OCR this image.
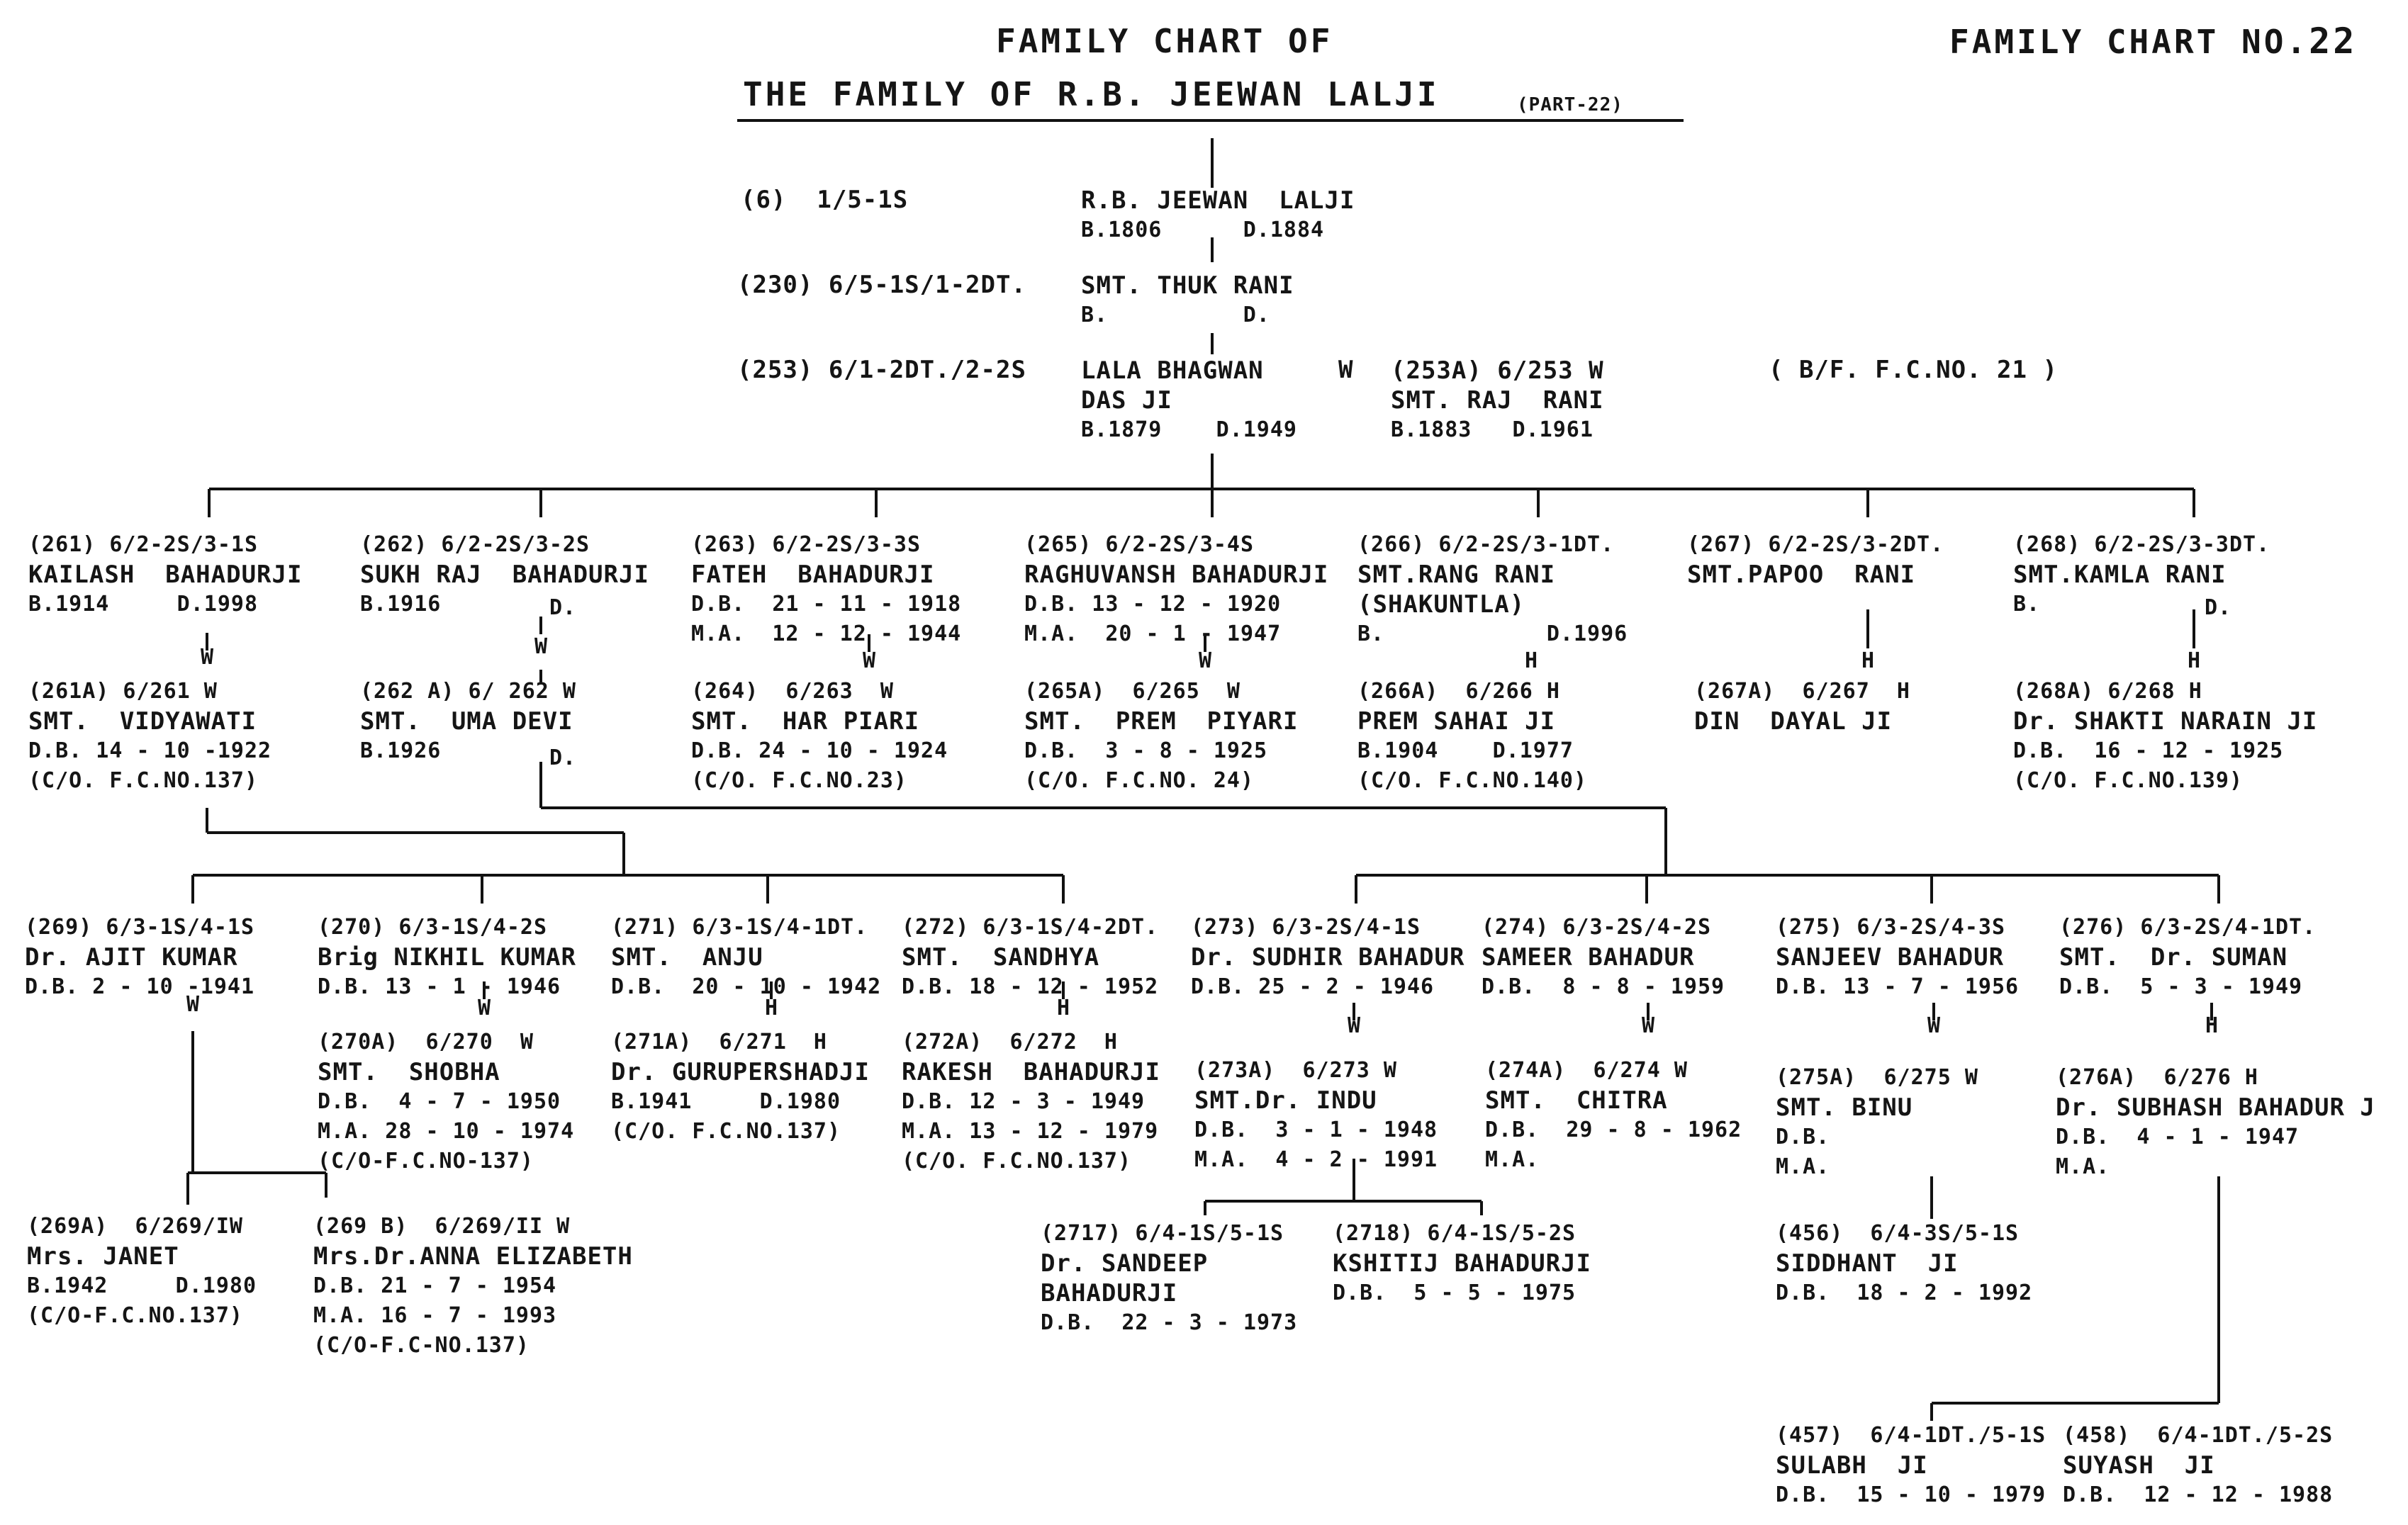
FAMILY CHART OF
THE FAMILY OF R.B. JEEWAN LALJI	(PART-22)
FAMILY CHART NO.22
(6)  1/5-1S	R.B. JEEWAN  LALJI
B.1806      D.1884
(230) 6/5-1S/1-2DT. SMT. THUK RANI
B.          D.
(253) 6/1-2DT./2-2S LALA BHAGWAN
DAS JI
B.1879    D.1949
W (253A) 6/253 W
SMT. RAJ  RANI
B.1883   D.1961
( B/F. F.C.NO. 21 )
(261) 6/2-2S/3-1S
KAILASH  BAHADURJI
B.1914     D.1998
W
(261A) 6/261 W
SMT.  VIDYAWATI
D.B. 14 - 10 -1922
(C/O. F.C.NO.137)
(262) 6/2-2S/3-2S
SUKH RAJ  BAHADURJI
B.1916	D.
W
(262 A) 6/ 262 W
SMT.  UMA DEVI
B.1926	D.
(263) 6/2-2S/3-3S
FATEH  BAHADURJI
D.B.  21 - 11 - 1918
M.A.  12 - 12 - 1944
W
(264)  6/263  W
SMT.  HAR PIARI
D.B. 24 - 10 - 1924
(C/O. F.C.NO.23)
(265) 6/2-2S/3-4S
RAGHUVANSH BAHADURJI
D.B. 13 - 12 - 1920
M.A.  20 - 1 - 1947
W
(265A)  6/265  W
SMT.  PREM  PIYARI
D.B.  3 - 8 - 1925
(C/O. F.C.NO. 24)
(266) 6/2-2S/3-1DT.
SMT.RANG RANI
(SHAKUNTLA)
B.            D.1996
H
(266A)  6/266 H
PREM SAHAI JI
B.1904    D.1977
(C/O. F.C.NO.140)
(267) 6/2-2S/3-2DT.
SMT.PAPOO  RANI
H
(267A)  6/267  H
DIN  DAYAL JI
(268) 6/2-2S/3-3DT.
SMT.KAMLA RANI
B.	D.
H
(268A) 6/268 H
Dr. SHAKTI NARAIN JI
D.B.  16 - 12 - 1925
(C/O. F.C.NO.139)
(269) 6/3-1S/4-1S
Dr. AJIT KUMAR
D.B. 2 - 10 -1941
W
(270) 6/3-1S/4-2S
Brig NIKHIL KUMAR
D.B. 13 - 1 - 1946
W
(270A)  6/270  W
SMT.  SHOBHA
D.B.  4 - 7 - 1950
M.A. 28 - 10 - 1974
(C/O-F.C.NO-137)
(271) 6/3-1S/4-1DT.
SMT.  ANJU
D.B.  20 - 10 - 1942
H
(271A)  6/271  H
Dr. GURUPERSHADJI
B.1941     D.1980
(C/O. F.C.NO.137)
(272) 6/3-1S/4-2DT.
SMT.  SANDHYA
D.B. 18 - 12 - 1952
H
(272A)  6/272  H
RAKESH  BAHADURJI
D.B. 12 - 3 - 1949
M.A. 13 - 12 - 1979
(C/O. F.C.NO.137)
(273) 6/3-2S/4-1S
Dr. SUDHIR BAHADUR
D.B. 25 - 2 - 1946
W
(273A)  6/273 W
SMT.Dr. INDU
D.B.  3 - 1 - 1948
M.A.  4 - 2 - 1991
(274) 6/3-2S/4-2S
SAMEER BAHADUR
D.B.  8 - 8 - 1959
W
(274A)  6/274 W
SMT.  CHITRA
D.B.  29 - 8 - 1962
M.A.
(275) 6/3-2S/4-3S
SANJEEV BAHADUR
D.B. 13 - 7 - 1956
W
(275A)  6/275 W
SMT. BINU
D.B.
M.A.
(276) 6/3-2S/4-1DT.
SMT.  Dr. SUMAN
D.B.  5 - 3 - 1949
H
(276A)  6/276 H
Dr. SUBHASH BAHADUR J
D.B.  4 - 1 - 1947
M.A.
(269A)  6/269/IW
Mrs. JANET
B.1942     D.1980
(C/O-F.C.NO.137)
(269 B)  6/269/II W
Mrs.Dr.ANNA ELIZABETH
D.B. 21 - 7 - 1954
M.A. 16 - 7 - 1993
(C/O-F.C-NO.137)
(2717) 6/4-1S/5-1S
Dr. SANDEEP
BAHADURJI
D.B.  22 - 3 - 1973
(2718) 6/4-1S/5-2S
KSHITIJ BAHADURJI
D.B.  5 - 5 - 1975
(456)  6/4-3S/5-1S
SIDDHANT  JI
D.B.  18 - 2 - 1992
(457)  6/4-1DT./5-1S
SULABH  JI
D.B.  15 - 10 - 1979
(458)  6/4-1DT./5-2S
SUYASH  JI
D.B.  12 - 12 - 1988
